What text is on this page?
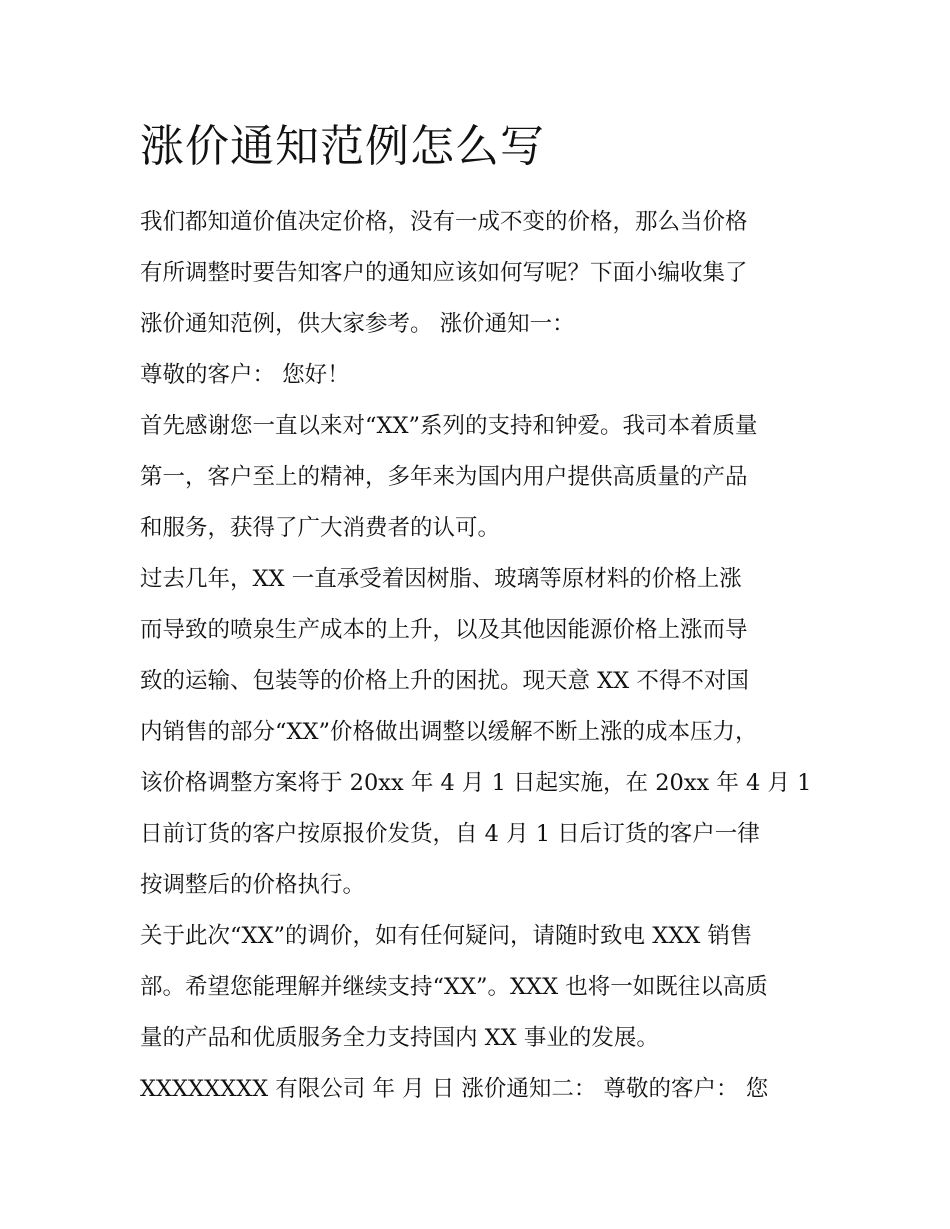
涨价通知范例怎么写
我们都知道价值决定价格，没有一成不变的价格，那么当价格
有所调整时要告知客户的通知应该如何写呢？下面小编收集了
涨价通知范例，供大家参考。 涨价通知一：
尊敬的客户： 您好！
首先感谢您一直以来对“XX”系列的支持和钟爱。我司本着质量
第一，客户至上的精神，多年来为国内用户提供高质量的产品
和服务，获得了广大消费者的认可。
过去几年，XX 一直承受着因树脂、玻璃等原材料的价格上涨
而导致的喷泉生产成本的上升，以及其他因能源价格上涨而导
致的运输、包装等的价格上升的困扰。现天意 XX 不得不对国
内销售的部分“XX”价格做出调整以缓解不断上涨的成本压力，
该价格调整方案将于 20xx 年 4 月 1 日起实施，在 20xx 年 4 月 1
日前订货的客户按原报价发货，自 4 月 1 日后订货的客户一律
按调整后的价格执行。
关于此次“XX”的调价，如有任何疑问，请随时致电 XXX 销售
部。希望您能理解并继续支持“XX”。XXX 也将一如既往以高质
量的产品和优质服务全力支持国内 XX 事业的发展。
XXXXXXXX 有限公司 年 月 日 涨价通知二： 尊敬的客户： 您
